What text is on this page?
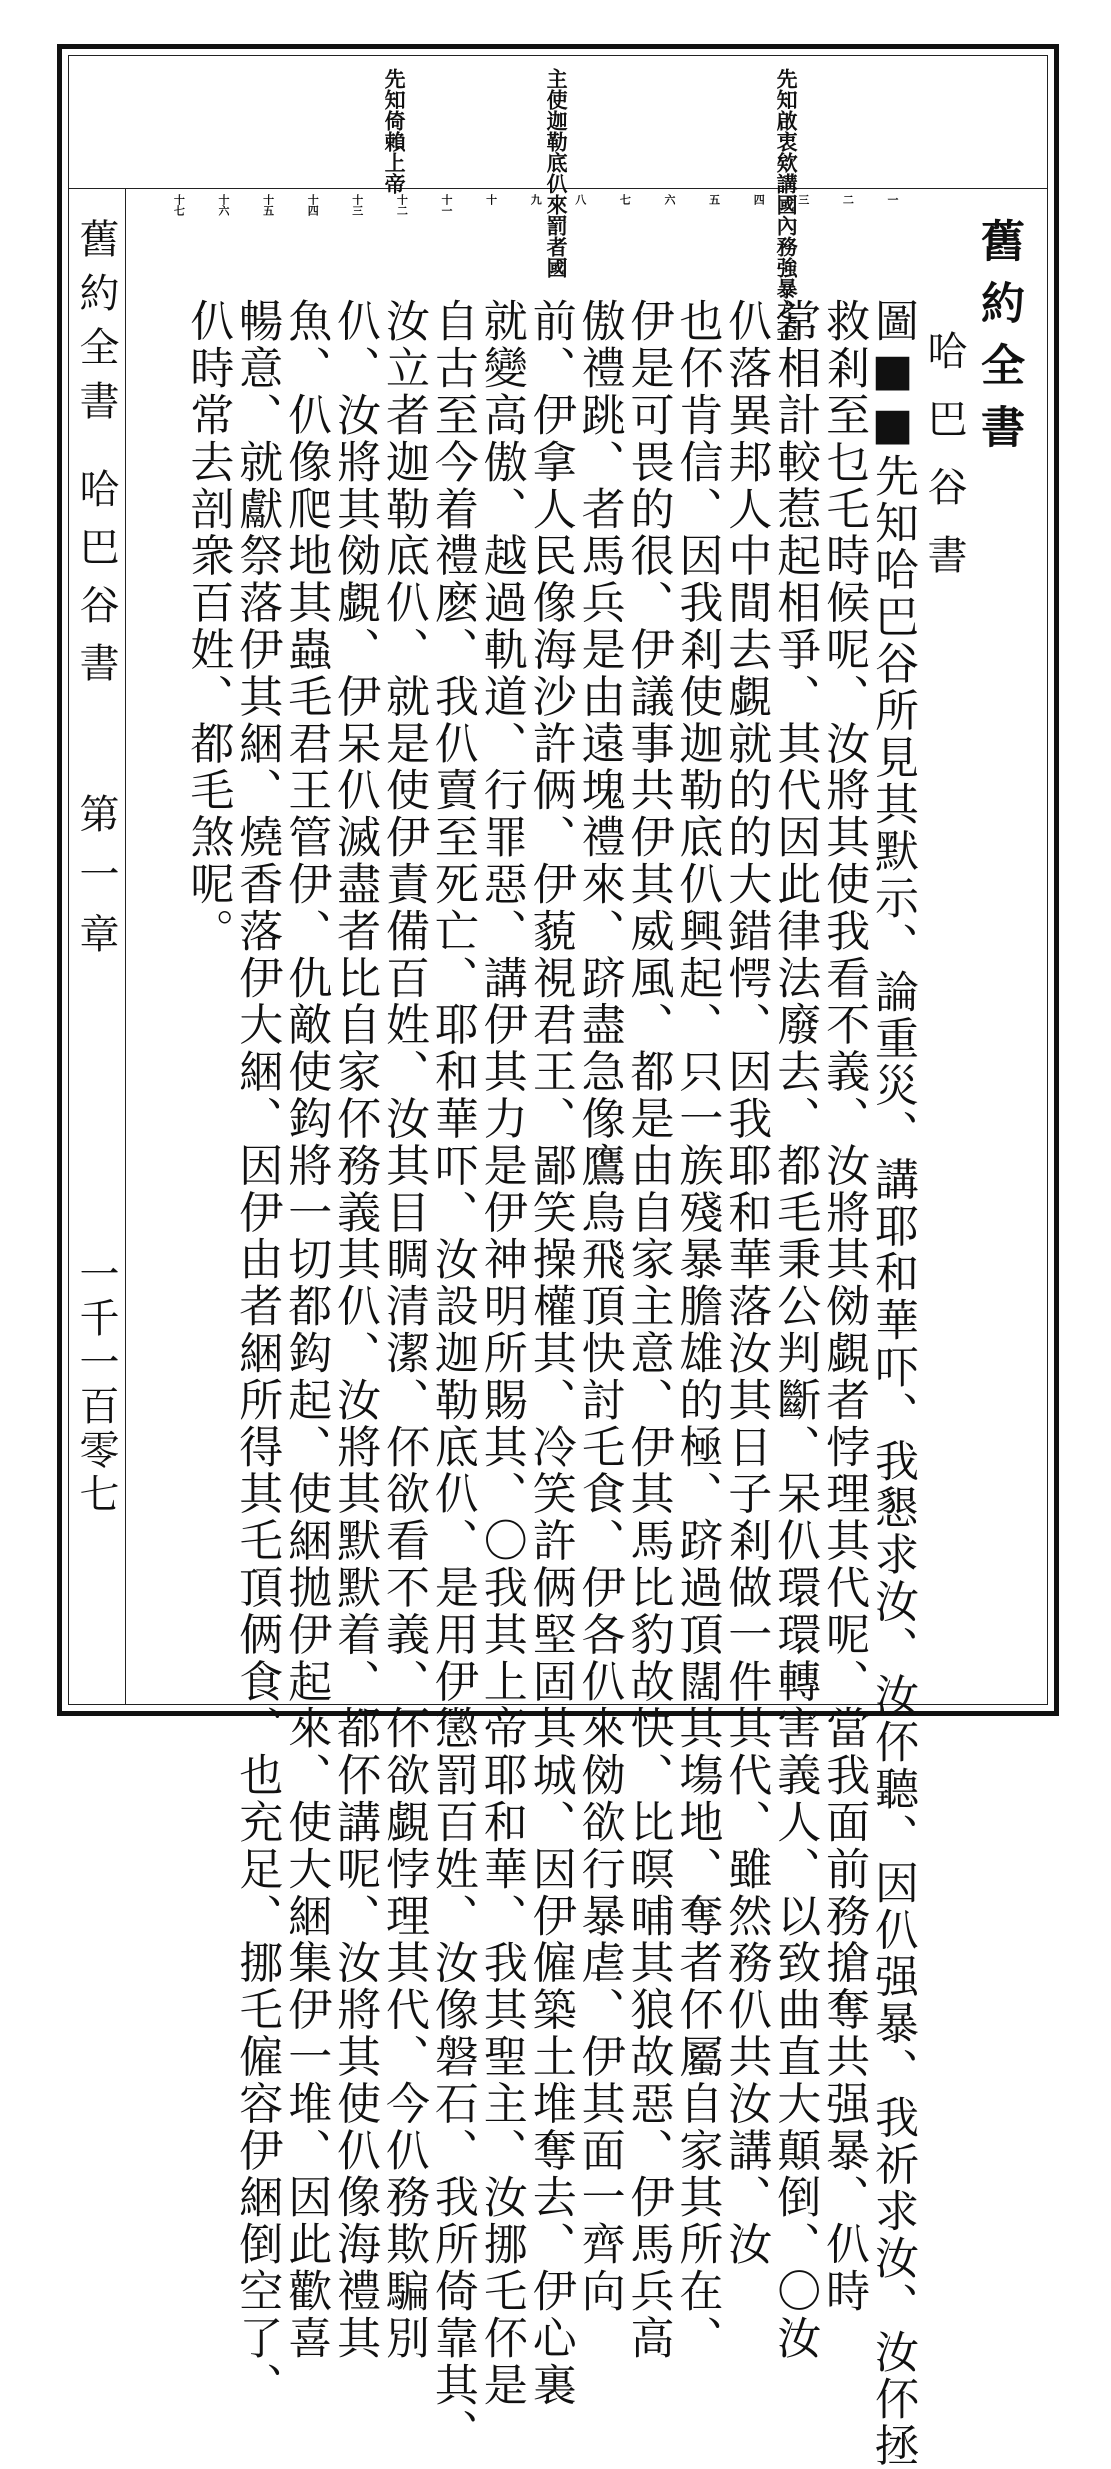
先知啟衷欸講國內務強暴之歪
主使迦勒底仈來罰者國
先知倚賴上帝
一
二
三
四
五
六
七
八
九
十
十一
十二
十三
十四
十五
十六
十七
舊約全書
哈巴谷書
圖■■先知哈巴谷所見其默示、論重災、講耶和華吓、我懇求汝、汝伓聽、因仈强暴、我祈求汝、汝伓拯
救剎至乜乇時候呢、汝將其使我看不義、汝將其俲覷者悖理其代呢、當我面前務搶奪共强暴、仈時
常相計較惹起相爭、其代因此律法廢去、都毛秉公判斷、呆仈環環轉害義人、以致曲直大顛倒、〇汝
仈落異邦人中間去覷就的的大錯愕、因我耶和華落汝其日子剎做一件其代、雖然務仈共汝講、汝
也伓肯信、因我剎使迦勒底仈興起、只一族殘暴膽雄的極、跻過頂闊其塲地、奪者伓屬自家其所在、
伊是可畏的很、伊議事共伊其威風、都是由自家主意、伊其馬比豹故快、比暝晡其狼故惡、伊馬兵高
傲禮跳、者馬兵是由遠塊禮來、跻盡急像鷹鳥飛頂快討乇食、伊各仈來俲欲行暴虐、伊其面一齊向
前、伊拿人民像海沙許俩、伊藐視君王、鄙笑操權其、冷笑許俩堅固其城、因伊僱築土堆奪去、伊心裏
就變高傲、越過軌道、行罪惡、講伊其力是伊神明所賜其、〇我其上帝耶和華、我其聖主、汝挪乇伓是
自古至今着禮麽、我仈賣至死亡、耶和華吓、汝設迦勒底仈、是用伊懲罰百姓、汝像磐石、我所倚靠其、
汝立者迦勒底仈、就是使伊責備百姓、汝其目睭清潔、伓欲看不義、伓欲覷悖理其代、今仈務欺騙別
仈、汝將其俲覷、伊呆仈滅盡者比自家伓務義其仈、汝將其默默着、都伓講呢、汝將其使仈像海禮其
魚、仈像爬地其蟲毛君王管伊、仇敵使鈎將一切都鈎起、使綑拋伊起來、使大綑集伊一堆、因此歡喜
暢意、就獻祭落伊其綑、燒香落伊大綑、因伊由者綑所得其乇頂俩食、也充足、挪乇僱容伊綑倒空了、
仈時常去剖衆百姓、都毛煞呢。
舊約全書
哈巴谷書
第一章
一千一百零七
